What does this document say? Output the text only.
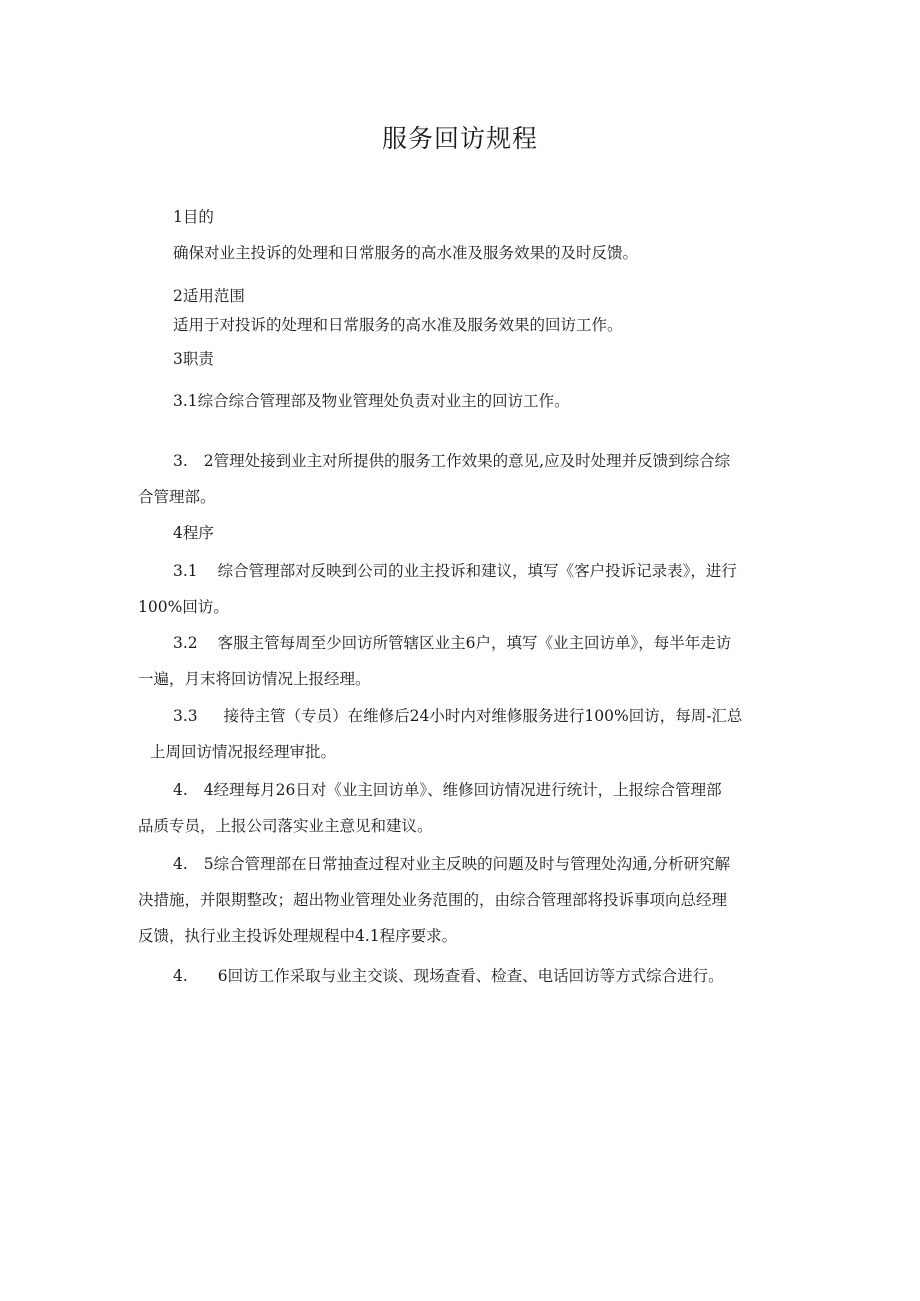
服务回访规程
1目的
确保对业主投诉的处理和日常服务的高水准及服务效果的及时反馈。
2适用范围
适用于对投诉的处理和日常服务的高水准及服务效果的回访工作。
3职责
3.1综合综合管理部及物业管理处负责对业主的回访工作。
3. 2管理处接到业主对所提供的服务工作效果的意见,应及时处理并反馈到综合综
合管理部。
4程序
3.1 综合管理部对反映到公司的业主投诉和建议，填写《客户投诉记录表》，进行
100%回访。
3.2 客服主管每周至少回访所管辖区业主6户，填写《业主回访单》，每半年走访
一遍，月末将回访情况上报经理。
3.3 接待主管（专员）在维修后24小时内对维修服务进行100%回访，每周-汇总
上周回访情况报经理审批。
4. 4经理每月26日对《业主回访单》、维修回访情况进行统计，上报综合管理部
品质专员，上报公司落实业主意见和建议。
4. 5综合管理部在日常抽查过程对业主反映的问题及时与管理处沟通,分析研究解
决措施，并限期整改；超出物业管理处业务范围的，由综合管理部将投诉事项向总经理
反馈，执行业主投诉处理规程中4.1程序要求。
4. 6回访工作采取与业主交谈、现场查看、检查、电话回访等方式综合进行。
